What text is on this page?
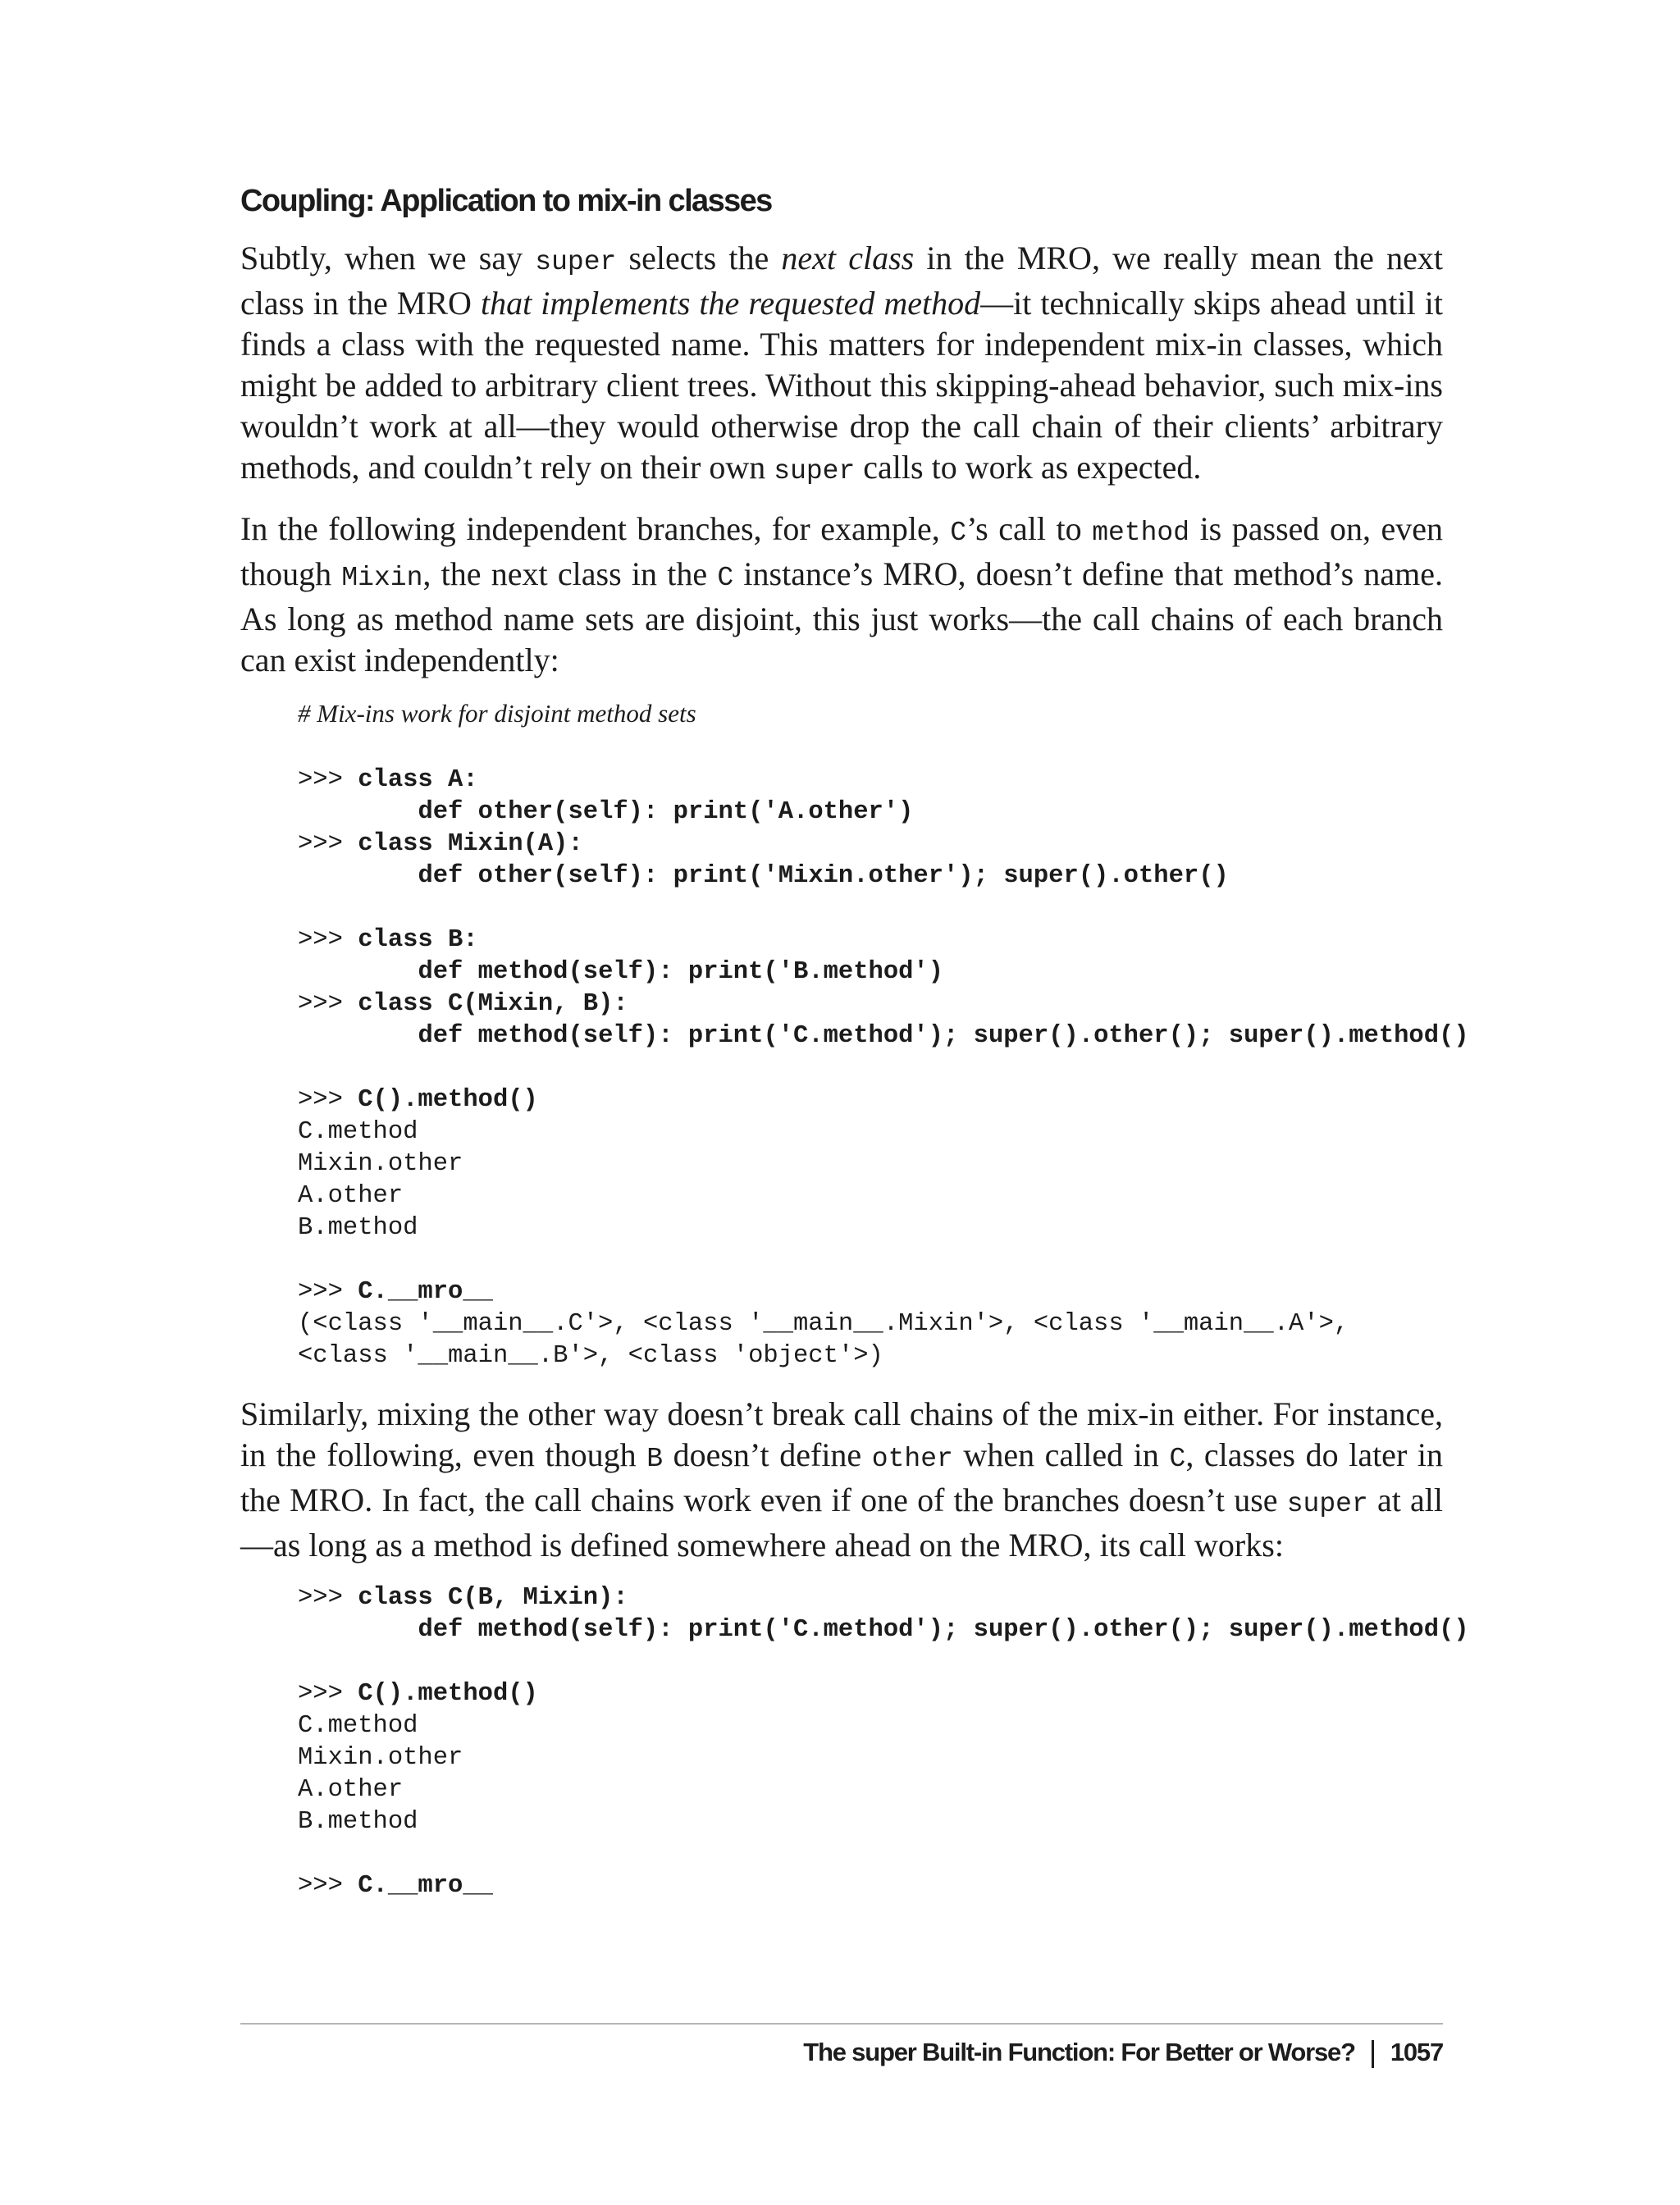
Coupling: Application to mix-in classes

Subtly, when we say super selects the next class in the MRO, we really mean the next class in the MRO that implements the requested method—it technically skips ahead until it finds a class with the requested name. This matters for independent mix-in classes, which might be added to arbitrary client trees. Without this skipping-ahead behavior, such mix-ins wouldn’t work at all—they would otherwise drop the call chain of their clients’ arbitrary methods, and couldn’t rely on their own super calls to work as expected.

In the following independent branches, for example, C’s call to method is passed on, even though Mixin, the next class in the C instance’s MRO, doesn’t define that method’s name. As long as method name sets are disjoint, this just works—the call chains of each branch can exist independently:

# Mix-ins work for disjoint method sets

>>> class A:
def other(self): print('A.other')
>>> class Mixin(A):
def other(self): print('Mixin.other'); super().other()

>>> class B:
def method(self): print('B.method')
>>> class C(Mixin, B):
def method(self): print('C.method'); super().other(); super().method()

>>> C().method()
C.method
Mixin.other
A.other
B.method

>>> C.__mro__
(<class '__main__.C'>, <class '__main__.Mixin'>, <class '__main__.A'>,
<class '__main__.B'>, <class 'object'>)

Similarly, mixing the other way doesn’t break call chains of the mix-in either. For instance, in the following, even though B doesn’t define other when called in C, classes do later in the MRO. In fact, the call chains work even if one of the branches doesn’t use super at all—as long as a method is defined somewhere ahead on the MRO, its call works:

>>> class C(B, Mixin):
def method(self): print('C.method'); super().other(); super().method()

>>> C().method()
C.method
Mixin.other
A.other
B.method

>>> C.__mro__
The super Built-in Function: For Better or Worse? 1057
